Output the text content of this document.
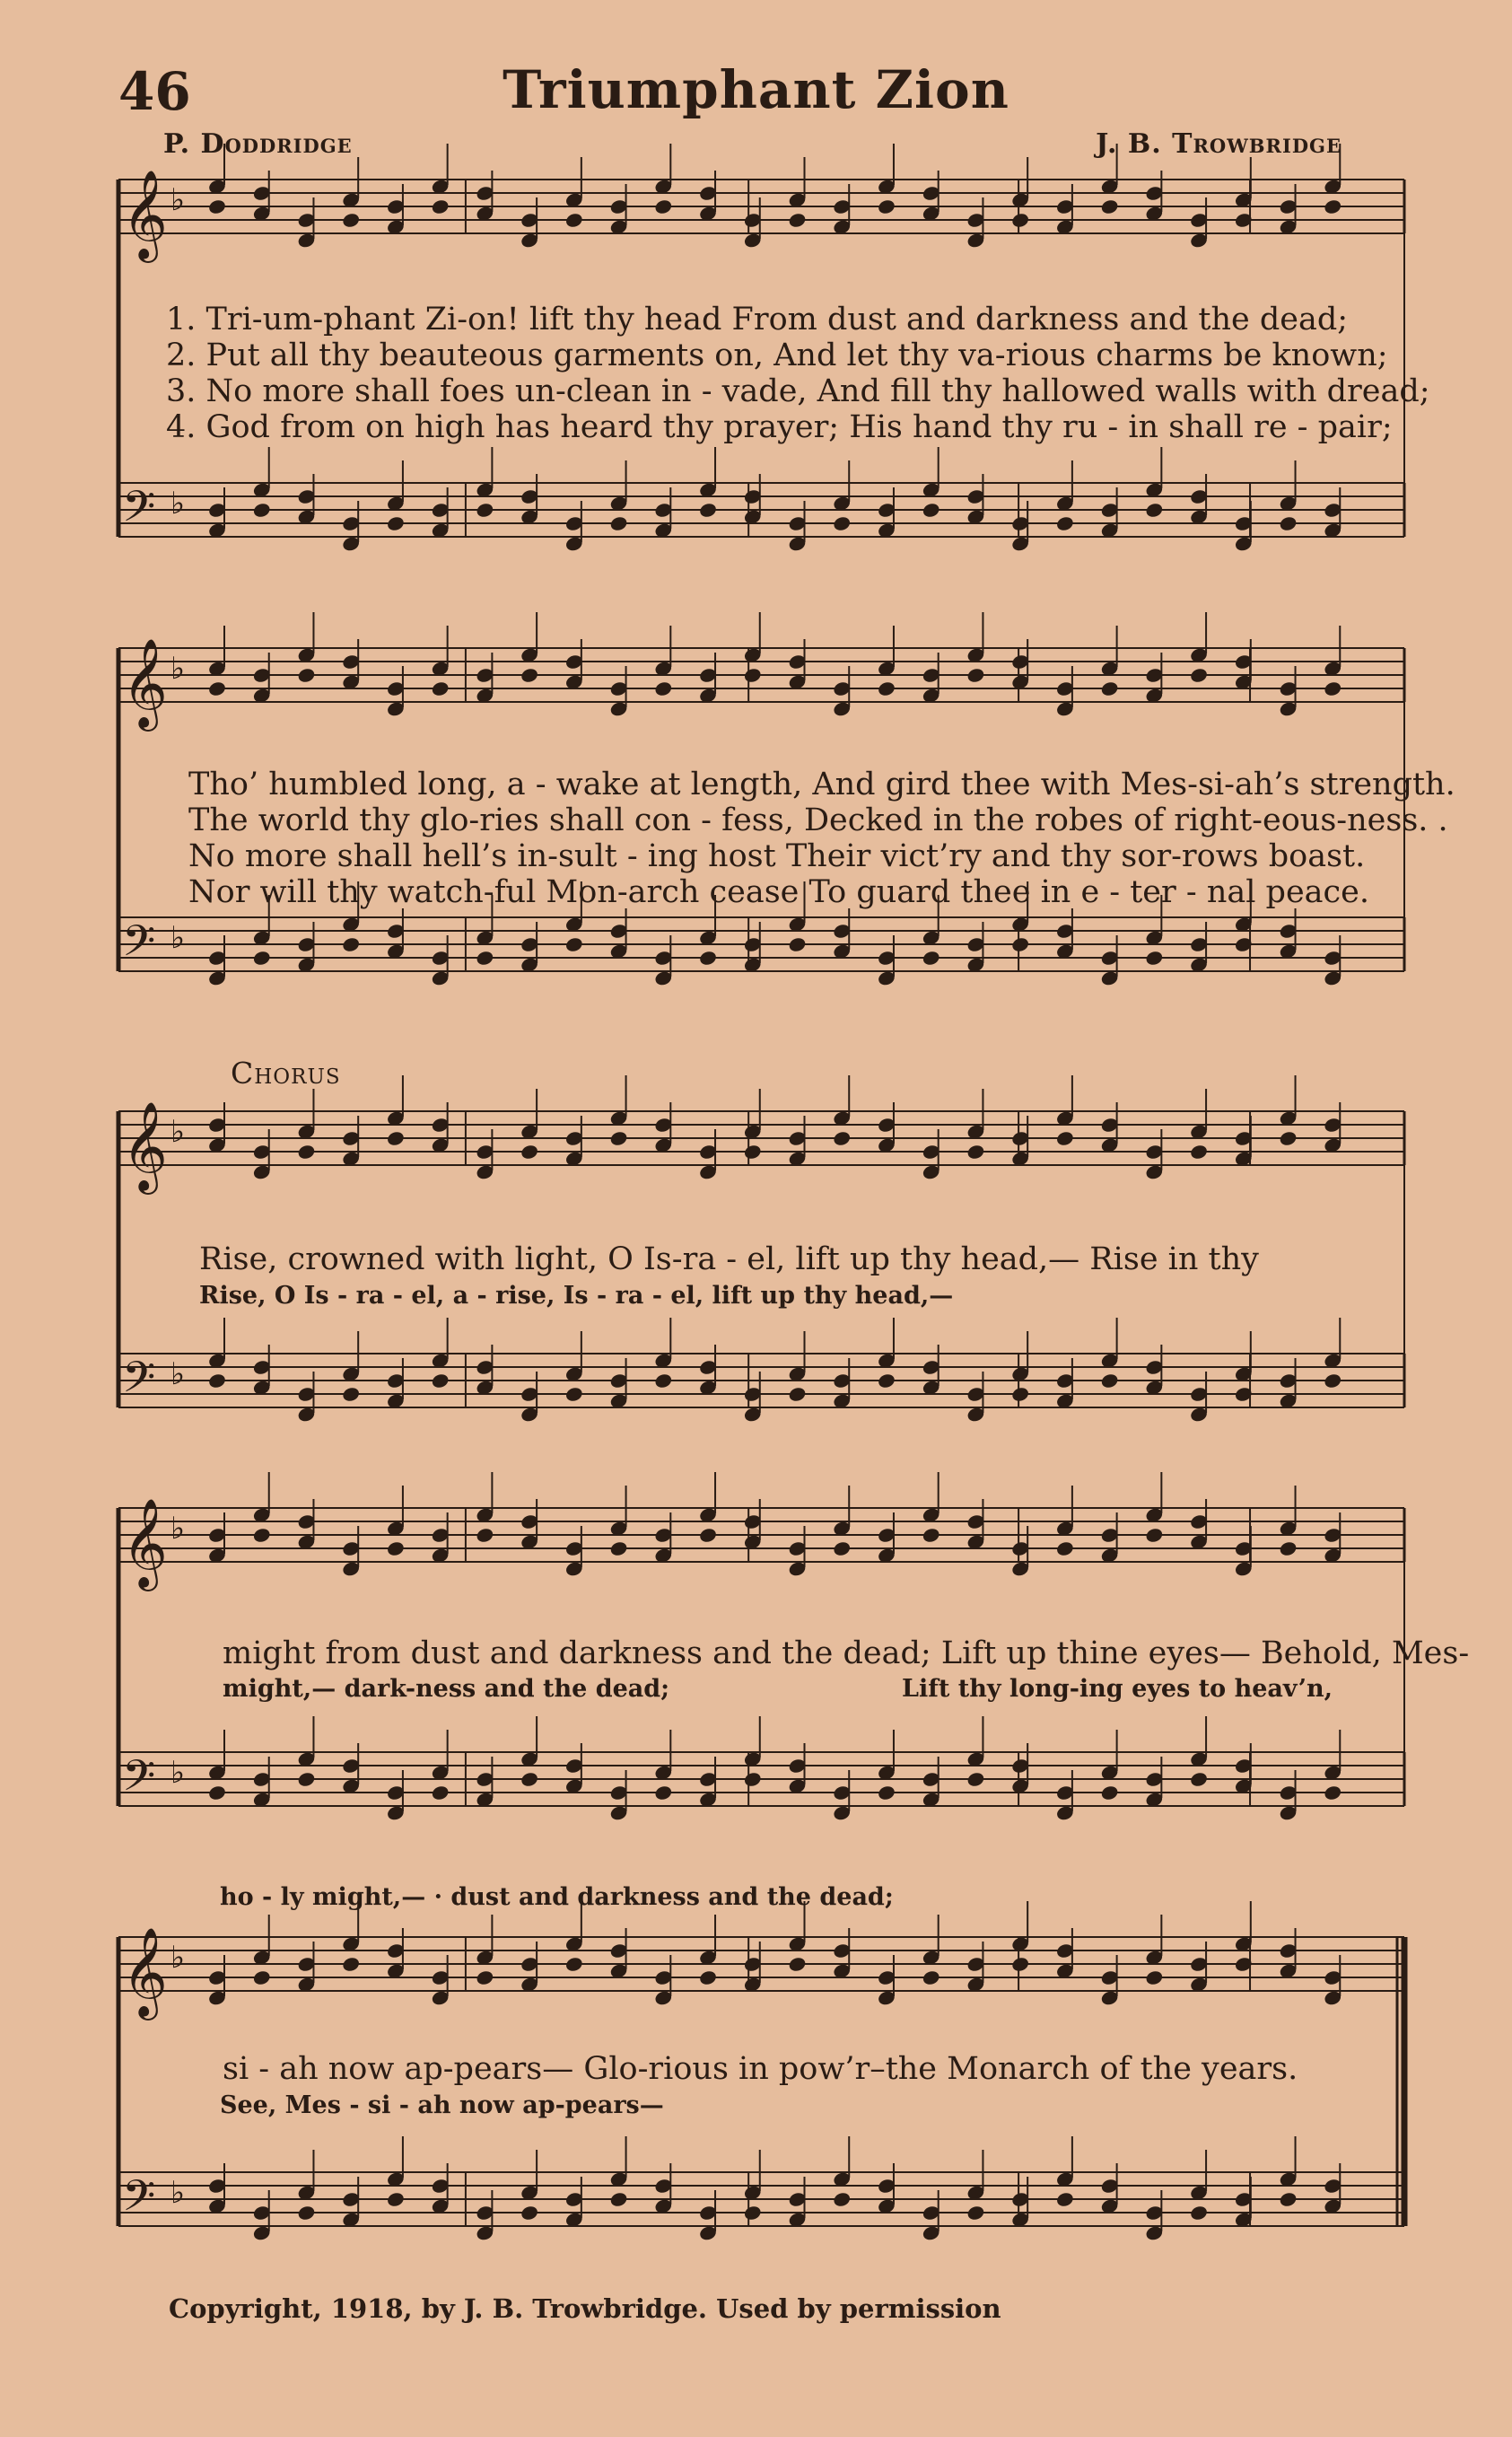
46	Triumphant Zion
P. Doddridge	J. B. Trowbridge
𝄞 ♭
𝄢 ♭
𝄞 ♭
𝄢 ♭
𝄞 ♭
𝄢 ♭
𝄞 ♭
𝄢 ♭
𝄞 ♭
𝄢 ♭
1. Tri-um-phant Zi-on! lift thy head From dust and darkness and the dead;
2. Put all thy beauteous garments on, And let thy va-rious charms be known;
3. No more shall foes un-clean in - vade, And fill thy hallowed walls with dread;
4. God from on high has heard thy prayer; His hand thy ru - in shall re - pair;
Tho’ humbled long, a - wake at length, And gird thee with Mes-si-ah’s strength.
The world thy glo-ries shall con - fess, Decked in the robes of right-eous-ness. .
No more shall hell’s in-sult - ing host Their vict’ry and thy sor-rows boast.
Nor will thy watch-ful Mon-arch cease To guard thee in e - ter - nal peace.
Chorus
Rise, crowned with light, O Is-ra - el, lift up thy head,— Rise in thy
Rise, O Is - ra - el, a - rise, Is - ra - el, lift up thy head,—
might from dust and darkness and the dead; Lift up thine eyes— Behold, Mes-
might,— dark-ness and the dead;	Lift thy long-ing eyes to heav’n,
ho - ly might,— · dust and darkness and the dead;
si - ah now ap-pears— Glo-rious in pow’r–the Monarch of the years.
See, Mes - si - ah now ap-pears—
Copyright, 1918, by J. B. Trowbridge. Used by permission
